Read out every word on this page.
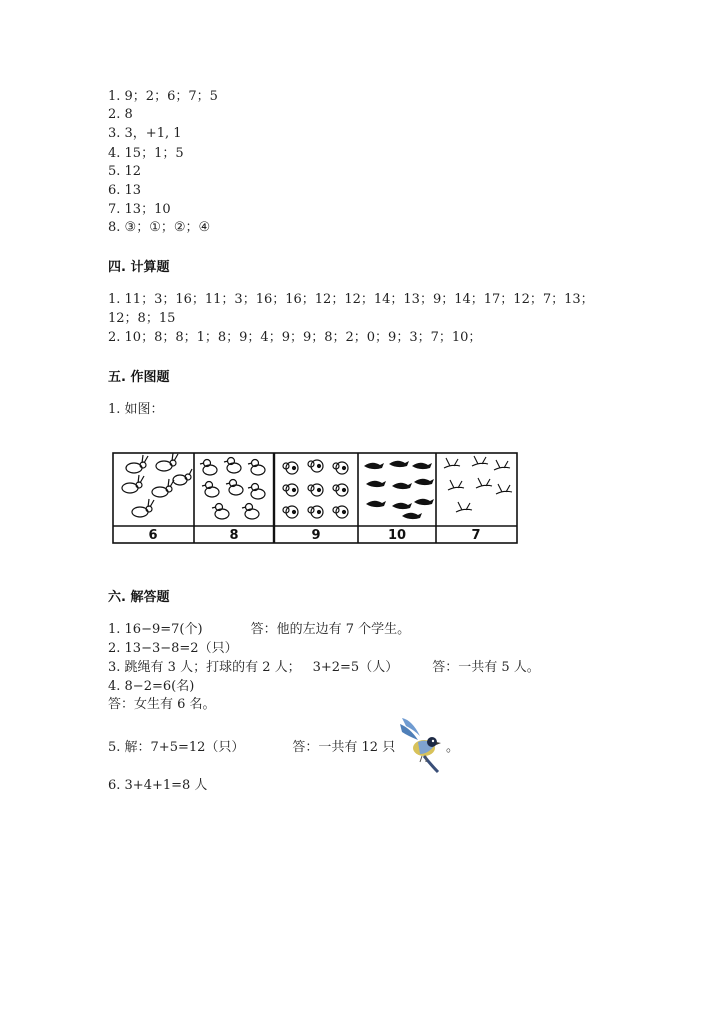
1. 9；2；6；7；5
2. 8
3. 3，+1, 1
4. 15；1；5
5. 12
6. 13
7. 13；10
8. ③；①；②；④
四. 计算题
1. 11；3；16；11；3；16；16；12；12；14；13；9；14；17；12；7；13；
12；8；15
2. 10；8；8；1；8；9；4；9；9；8；2；0；9；3；7；10；
五. 作图题
1. 如图：
6	8	9	10	7
六. 解答题
1. 16−9=7(个)	答：他的左边有 7 个学生。
2. 13−3−8=2（只）
3. 跳绳有 3 人；打球的有 2 人； 3+2=5（人）	答：一共有 5 人。
4. 8−2=6(名)
答：女生有 6 名。
5. 解：7+5=12（只）	答：一共有 12 只	。
6. 3+4+1=8 人
